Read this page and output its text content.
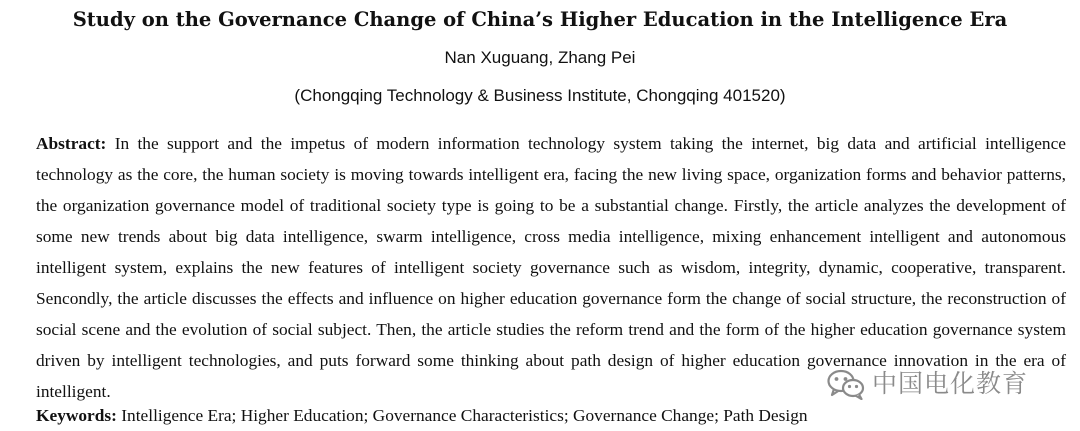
Study on the Governance Change of China’s Higher Education in the Intelligence Era
Nan Xuguang, Zhang Pei
(Chongqing Technology & Business Institute, Chongqing 401520)

Abstract: In the support and the impetus of modern information technology system taking the internet, big data and artificial intelligence technology as the core, the human society is moving towards intelligent era, facing the new living space, organization forms and behavior patterns, the organization governance model of traditional society type is going to be a substantial change. Firstly, the article analyzes the development of some new trends about big data intelligence, swarm intelligence, cross media intelligence, mixing enhancement intelligent and autonomous intelligent system, explains the new features of intelligent society governance such as wisdom, integrity, dynamic, cooperative, transparent. Sencondly, the article discusses the effects and influence on higher education governance form the change of social structure, the reconstruction of social scene and the evolution of social subject. Then, the article studies the reform trend and the form of the higher education governance system driven by intelligent technologies, and puts forward some thinking about path design of higher education governance innovation in the era of intelligent.

Keywords: Intelligence Era; Higher Education; Governance Characteristics; Governance Change; Path Design

中国电化教育
